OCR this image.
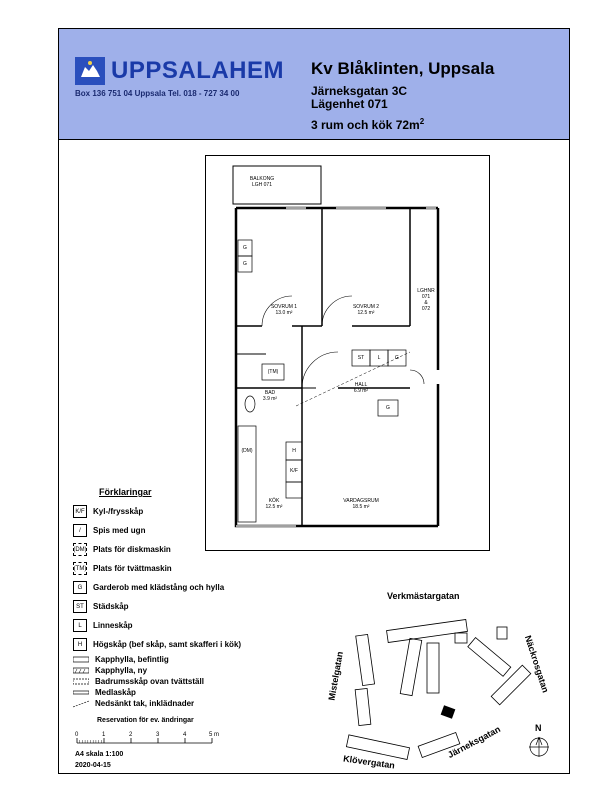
UPPSALAHEM
Box 136 751 04 Uppsala Tel. 018 - 727 34 00
Kv Blåklinten, Uppsala
Järneksgatan 3C
Lägenhet 071
3 rum och kök $72m^2$
BALKONG
LGH 071
SOVRUM 1
13.0 m²
SOVRUM 2
12.5 m²
BAD
3.9 m²
HALL
6.9 m²
KÖK
12.5 m²
VARDAGSRUM
18.5 m²
LGHNR
071
&
072
G
G
ST	L	G
G
(TM)
(DM)	H
K/F
Förklaringar
K/F Kyl-/frysskåp
/	Spis med ugn
(DM) Plats för diskmaskin
(TM) Plats för tvättmaskin
G	Garderob med klädstång och hylla
ST	Städskåp
L	Linneskåp
H	Högskåp (bef skåp, samt skafferi i kök)
Kapphylla, befintlig
Kapphylla, ny
Badrumsskåp ovan tvättställ
Medlaskåp
Nedsänkt tak, inklädnader
Reservation för ev. ändringar
0	1	2	3	4	5 m
A4 skala 1:100
2020-04-15
Verkmästargatan
Mistelgatan	Näckrosgatan
Klövergatan
Järneksgatan	N
